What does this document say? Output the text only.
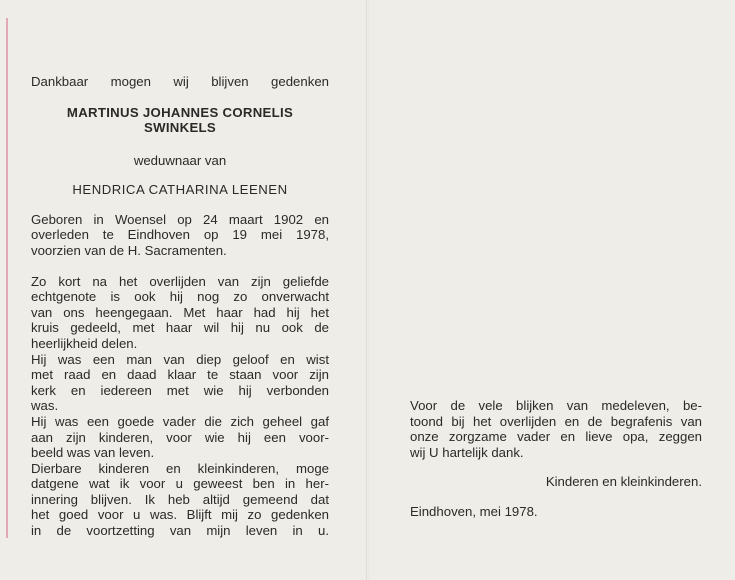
Dankbaar mogen wij blijven gedenken
MARTINUS JOHANNES CORNELIS
SWINKELS
weduwnaar van
HENDRICA CATHARINA LEENEN
Geboren in Woensel op 24 maart 1902 en
overleden te Eindhoven op 19 mei 1978,
voorzien van de H. Sacramenten.
Zo kort na het overlijden van zijn geliefde
echtgenote is ook hij nog zo onverwacht
van ons heengegaan. Met haar had hij het
kruis gedeeld, met haar wil hij nu ook de
heerlijkheid delen.
Hij was een man van diep geloof en wist
met raad en daad klaar te staan voor zijn
kerk en iedereen met wie hij verbonden
was.
Hij was een goede vader die zich geheel gaf
aan zijn kinderen, voor wie hij een voor-
beeld was van leven.
Dierbare kinderen en kleinkinderen, moge
datgene wat ik voor u geweest ben in her-
innering blijven. Ik heb altijd gemeend dat
het goed voor u was. Blijft mij zo gedenken
in de voortzetting van mijn leven in u.
Voor de vele blijken van medeleven, be-
toond bij het overlijden en de begrafenis van
onze zorgzame vader en lieve opa, zeggen
wij U hartelijk dank.
Kinderen en kleinkinderen.
Eindhoven, mei 1978.
